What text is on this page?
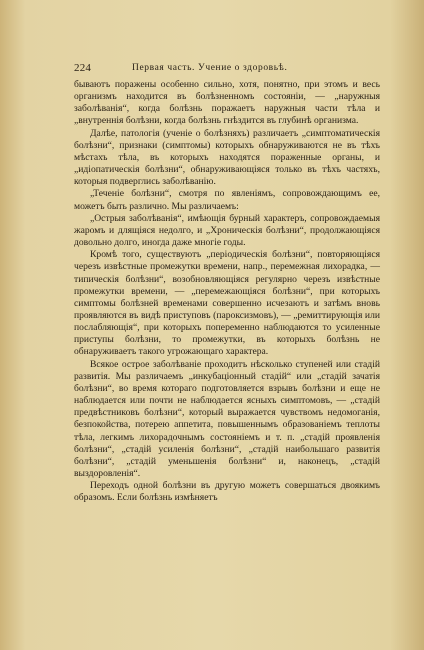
224	Первая часть. Учение о здоровьѣ.

бываютъ поражены особенно сильно, хотя, понятно, при этомъ и весь организмъ находится въ болѣзненномъ состояніи, — „наружныя заболѣванія“, когда болѣзнь поражаетъ наружныя части тѣла и „внутреннія болѣзни, когда болѣзнь гнѣздится въ глубинѣ организма.

Далѣе, патологія (ученіе о болѣзняхъ) различаетъ „симптоматическія болѣзни“, признаки (симптомы) которыхъ обнаруживаются не въ тѣхъ мѣстахъ тѣла, въ которыхъ находятся пораженные органы, и „идіопатическія болѣзни“, обнаруживающіяся только въ тѣхъ частяхъ, которыя подверглись заболѣванію.

„Теченіе болѣзни“, смотря по явленіямъ, сопровождающимъ ее, можетъ быть различно. Мы различаемъ:

„Острыя заболѣванія“, имѣющія бурный характеръ, сопровождаемыя жаромъ и длящіяся недолго, и „Хроническія болѣзни“, продолжающіяся довольно долго, иногда даже многіе годы.

Кромѣ того, существуютъ „періодическія болѣзни“, повторяющіяся черезъ извѣстные промежутки времени, напр., перемежная лихорадка, — типическія болѣзни“, возобновляющіяся регулярно черезъ извѣстные промежутки времени, — „перемежающіяся болѣзни“, при которыхъ симптомы болѣзней временами совершенно исчезаютъ и затѣмъ вновь проявляются въ видѣ приступовъ (пароксизмовъ), — „ремиттирующія или послабляющія“, при которыхъ попеременно наблюдаются то усиленные приступы болѣзни, то промежутки, въ которыхъ болѣзнь не обнаруживаетъ такого угрожающаго характера.

Всякое острое заболѣваніе проходитъ нѣсколько ступеней или стадій развитія. Мы различаемъ „инкубаціонный стадій“ или „стадій зачатія болѣзни“, во время котораго подготовляется взрывъ болѣзни и еще не наблюдается или почти не наблюдается ясныхъ симптомовъ, — „стадій предвѣстниковъ болѣзни“, который выражается чувствомъ недомоганія, безпокойства, потерею аппетита, повышеннымъ образованіемъ теплоты тѣла, легкимъ лихорадочнымъ состояніемъ и т. п. „стадій проявленія болѣзни“, „стадій усиленія болѣзни“, „стадій наибольшаго развитія болѣзни“, „стадій уменьшенія болѣзни“ и, наконецъ, „стадій выздоровленія“.

Переходъ одной болѣзни въ другую можетъ совершаться двоякимъ образомъ. Если болѣзнь измѣняетъ
